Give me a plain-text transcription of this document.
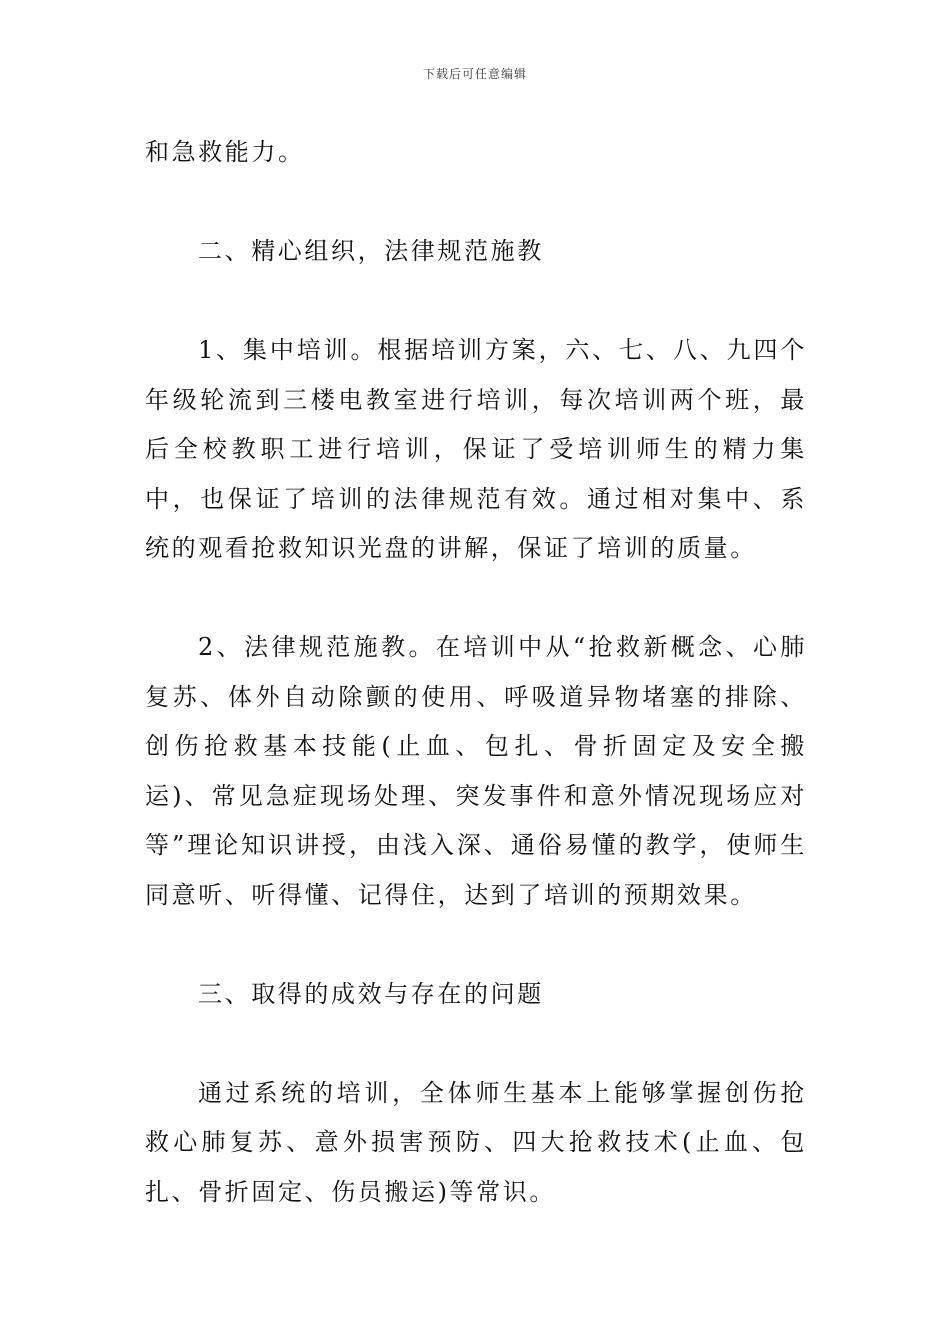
下载后可任意编辑

和急救能力。

二、精心组织，法律规范施教

1、集中培训。根据培训方案，六、七、八、九四个年级轮流到三楼电教室进行培训，每次培训两个班，最后全校教职工进行培训，保证了受培训师生的精力集中，也保证了培训的法律规范有效。通过相对集中、系统的观看抢救知识光盘的讲解，保证了培训的质量。

2、法律规范施教。在培训中从“抢救新概念、心肺复苏、体外自动除颤的使用、呼吸道异物堵塞的排除、创伤抢救基本技能(止血、包扎、骨折固定及安全搬运)、常见急症现场处理、突发事件和意外情况现场应对等”理论知识讲授，由浅入深、通俗易懂的教学，使师生同意听、听得懂、记得住，达到了培训的预期效果。

三、取得的成效与存在的问题

通过系统的培训，全体师生基本上能够掌握创伤抢救心肺复苏、意外损害预防、四大抢救技术(止血、包扎、骨折固定、伤员搬运)等常识。
